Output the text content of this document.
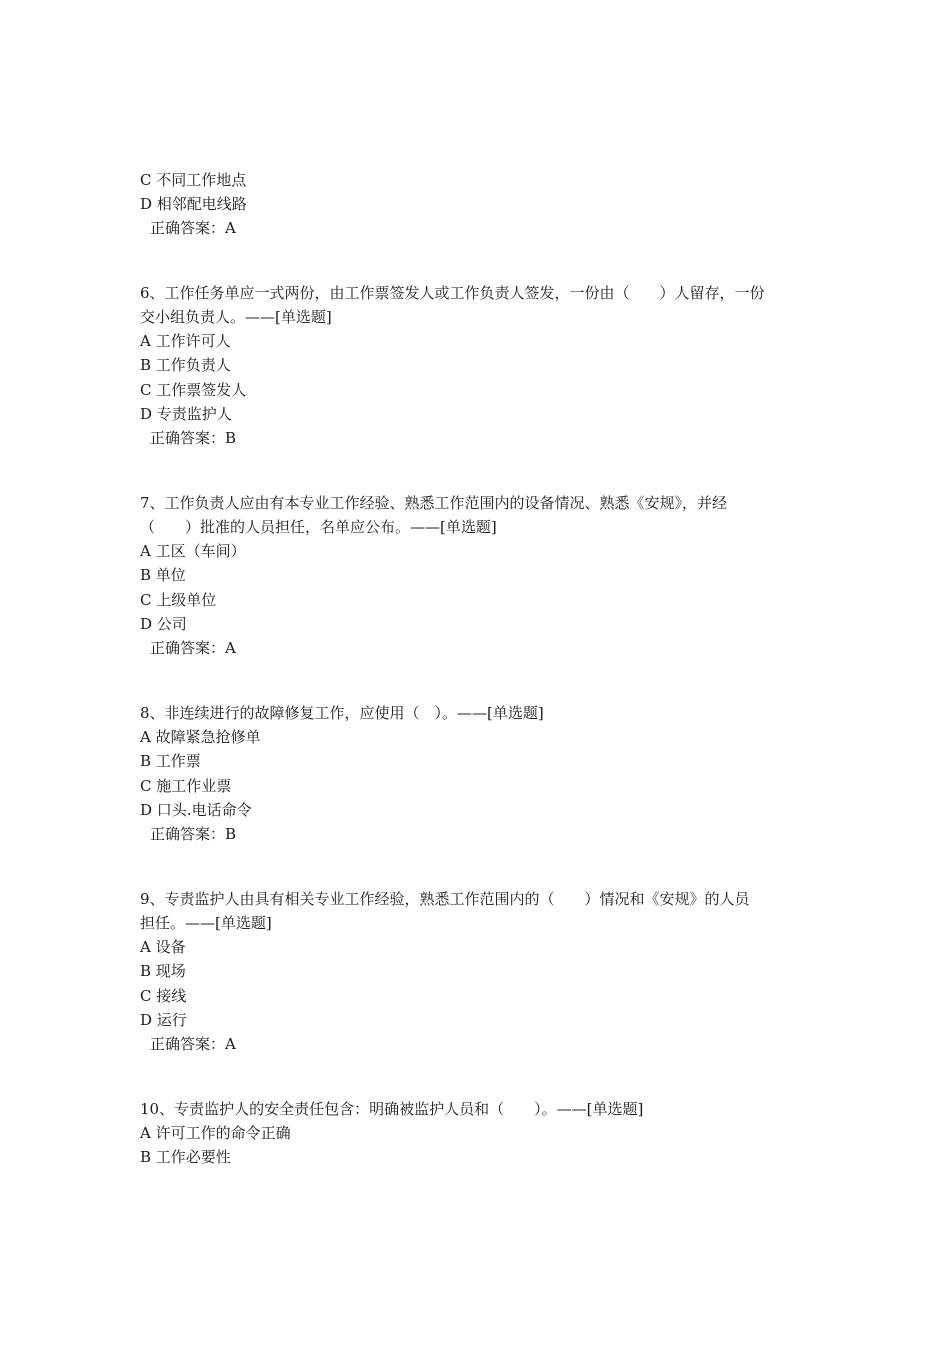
C 不同工作地点
D 相邻配电线路
正确答案：A
6、工作任务单应一式两份，由工作票签发人或工作负责人签发，一份由（　　）人留存，一份
交小组负责人。——[单选题]
A 工作许可人
B 工作负责人
C 工作票签发人
D 专责监护人
正确答案：B
7、工作负责人应由有本专业工作经验、熟悉工作范围内的设备情况、熟悉《安规》，并经
（　　）批准的人员担任，名单应公布。——[单选题]
A 工区（车间）
B 单位
C 上级单位
D 公司
正确答案：A
8、非连续进行的故障修复工作，应使用（　）。——[单选题]
A 故障紧急抢修单
B 工作票
C 施工作业票
D 口头.电话命令
正确答案：B
9、专责监护人由具有相关专业工作经验，熟悉工作范围内的（　　）情况和《安规》的人员
担任。——[单选题]
A 设备
B 现场
C 接线
D 运行
正确答案：A
10、专责监护人的安全责任包含：明确被监护人员和（　　）。——[单选题]
A 许可工作的命令正确
B 工作必要性
